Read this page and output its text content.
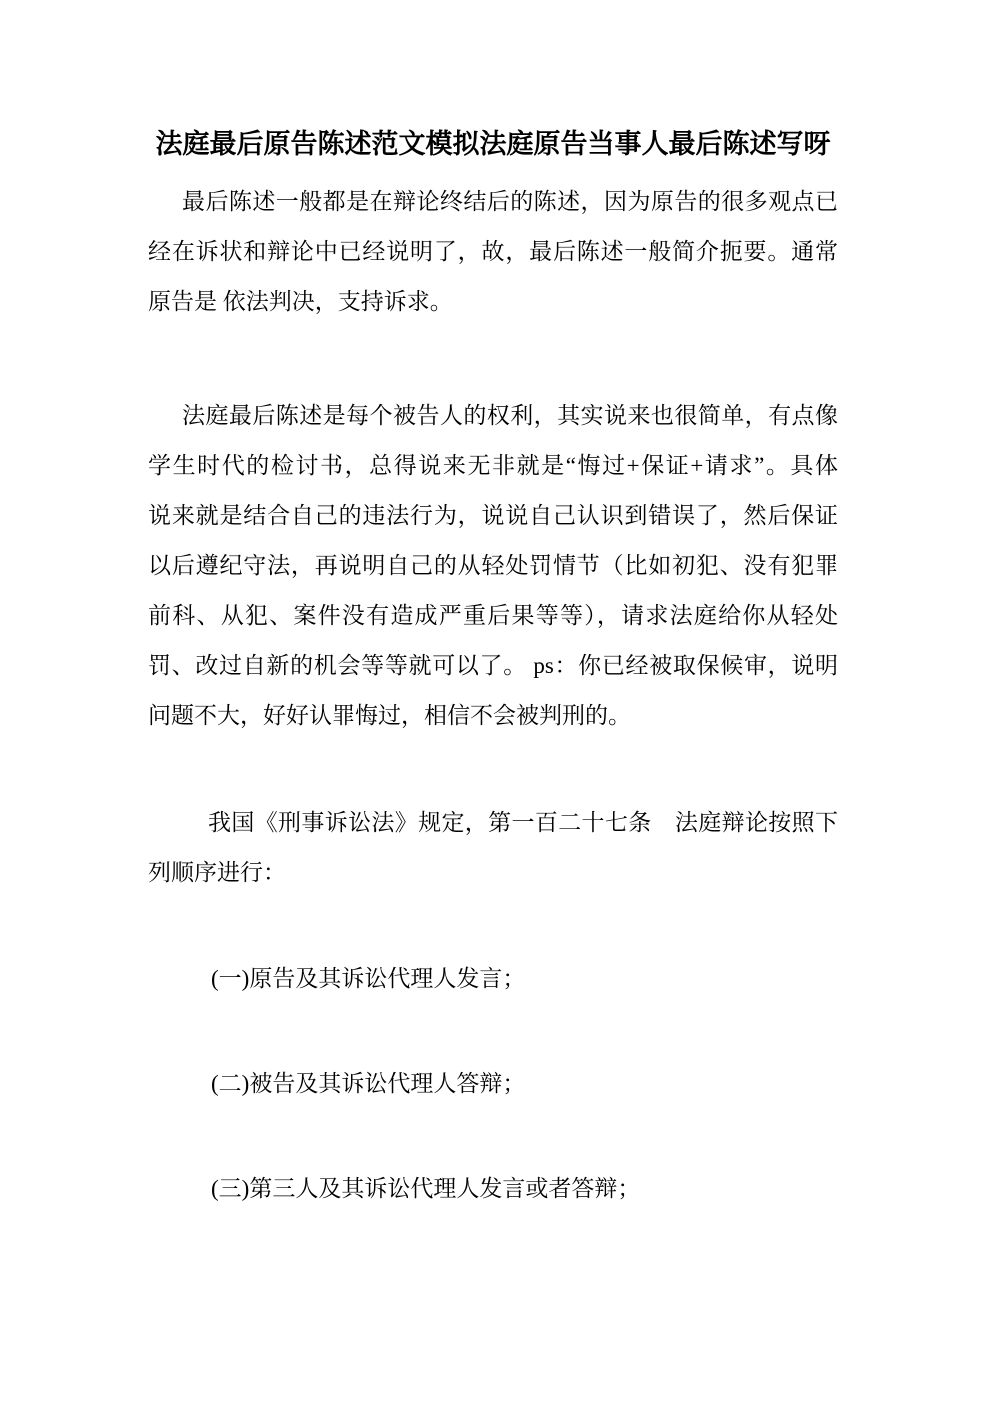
法庭最后原告陈述范文模拟法庭原告当事人最后陈述写呀
最后陈述一般都是在辩论终结后的陈述，因为原告的很多观点已
经在诉状和辩论中已经说明了，故，最后陈述一般简介扼要。通常
原告是 依法判决，支持诉求。
法庭最后陈述是每个被告人的权利，其实说来也很简单，有点像
学生时代的检讨书，总得说来无非就是“悔过+保证+请求”。具体
说来就是结合自己的违法行为，说说自己认识到错误了，然后保证
以后遵纪守法，再说明自己的从轻处罚情节（比如初犯、没有犯罪
前科、从犯、案件没有造成严重后果等等），请求法庭给你从轻处
罚、改过自新的机会等等就可以了。 ps：你已经被取保候审，说明
问题不大，好好认罪悔过，相信不会被判刑的。
我国《刑事诉讼法》规定，第一百二十七条　法庭辩论按照下
列顺序进行：
(一)原告及其诉讼代理人发言；
(二)被告及其诉讼代理人答辩；
(三)第三人及其诉讼代理人发言或者答辩；
